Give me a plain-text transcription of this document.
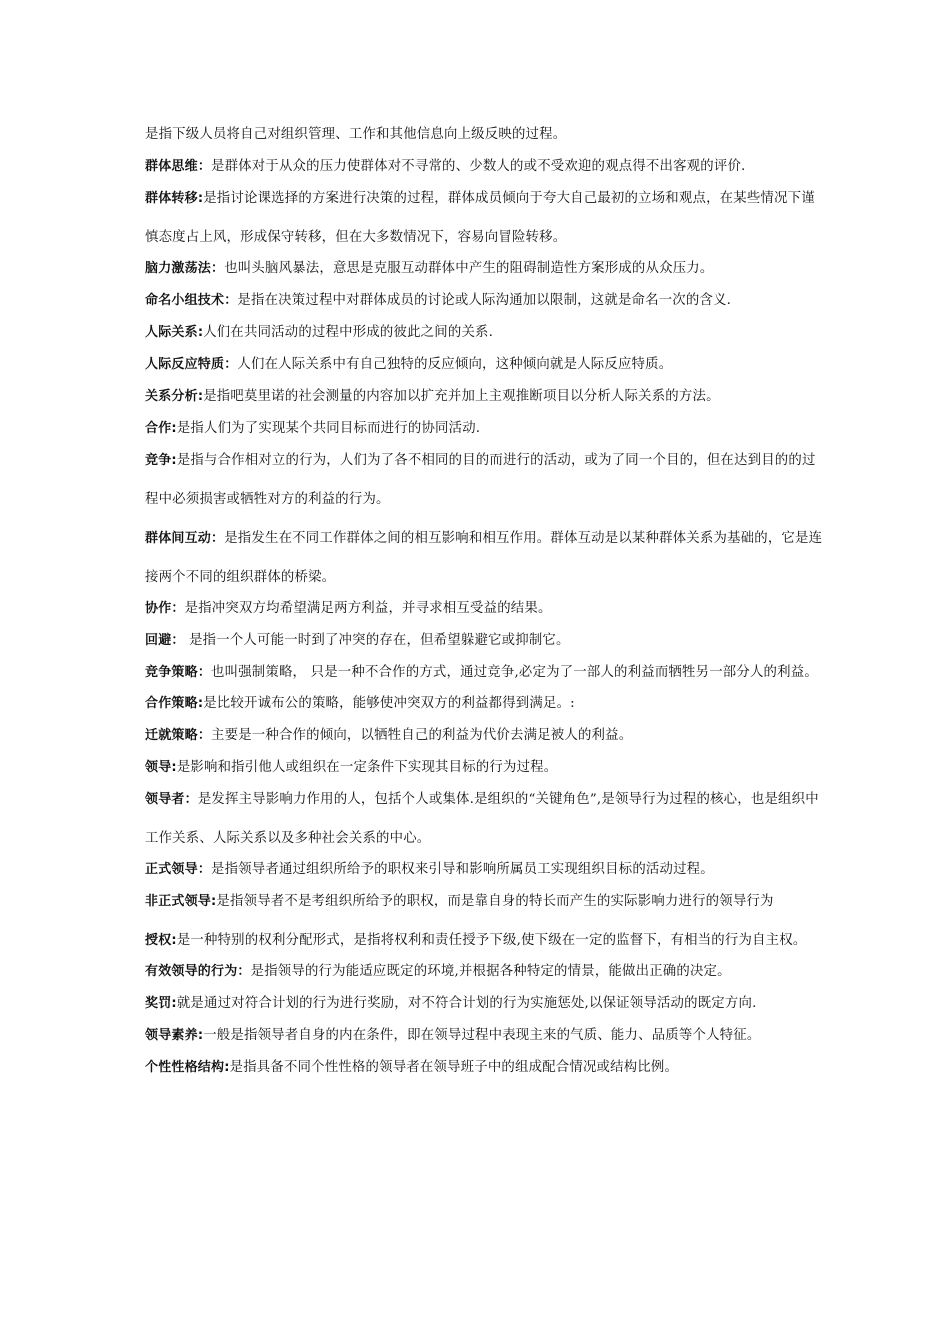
是指下级人员将自己对组织管理、工作和其他信息向上级反映的过程。

群体思维：是群体对于从众的压力使群体对不寻常的、少数人的或不受欢迎的观点得不出客观的评价.

群体转移:是指讨论课选择的方案进行决策的过程，群体成员倾向于夸大自己最初的立场和观点，在某些情况下谨慎态度占上风，形成保守转移，但在大多数情况下，容易向冒险转移。

脑力激荡法：也叫头脑风暴法，意思是克服互动群体中产生的阻碍制造性方案形成的从众压力。

命名小组技术：是指在决策过程中对群体成员的讨论或人际沟通加以限制，这就是命名一次的含义.

人际关系:人们在共同活动的过程中形成的彼此之间的关系.

人际反应特质：人们在人际关系中有自己独特的反应倾向，这种倾向就是人际反应特质。

关系分析:是指吧莫里诺的社会测量的内容加以扩充并加上主观推断项目以分析人际关系的方法。

合作:是指人们为了实现某个共同目标而进行的协同活动.

竞争:是指与合作相对立的行为，人们为了各不相同的目的而进行的活动，或为了同一个目的，但在达到目的的过程中必须损害或牺牲对方的利益的行为。

群体间互动：是指发生在不同工作群体之间的相互影响和相互作用。群体互动是以某种群体关系为基础的，它是连接两个不同的组织群体的桥梁。

协作：是指冲突双方均希望满足两方利益，并寻求相互受益的结果。

回避： 是指一个人可能一时到了冲突的存在，但希望躲避它或抑制它。

竞争策略：也叫强制策略， 只是一种不合作的方式，通过竞争,必定为了一部人的利益而牺牲另一部分人的利益。

合作策略:是比较开诚布公的策略，能够使冲突双方的利益都得到满足。:

迁就策略：主要是一种合作的倾向，以牺牲自己的利益为代价去满足被人的利益。

领导:是影响和指引他人或组织在一定条件下实现其目标的行为过程。

领导者：是发挥主导影响力作用的人，包括个人或集体.是组织的“关键角色”,是领导行为过程的核心，也是组织中工作关系、人际关系以及多种社会关系的中心。

正式领导：是指领导者通过组织所给予的职权来引导和影响所属员工实现组织目标的活动过程。

非正式领导:是指领导者不是考组织所给予的职权，而是靠自身的特长而产生的实际影响力进行的领导行为

授权:是一种特别的权利分配形式，是指将权利和责任授予下级,使下级在一定的监督下，有相当的行为自主权。

有效领导的行为：是指领导的行为能适应既定的环境,并根据各种特定的情景，能做出正确的决定。

奖罚:就是通过对符合计划的行为进行奖励，对不符合计划的行为实施惩处,以保证领导活动的既定方向.

领导素养:一般是指领导者自身的内在条件，即在领导过程中表现主来的气质、能力、品质等个人特征。

个性性格结构:是指具备不同个性性格的领导者在领导班子中的组成配合情况或结构比例。
